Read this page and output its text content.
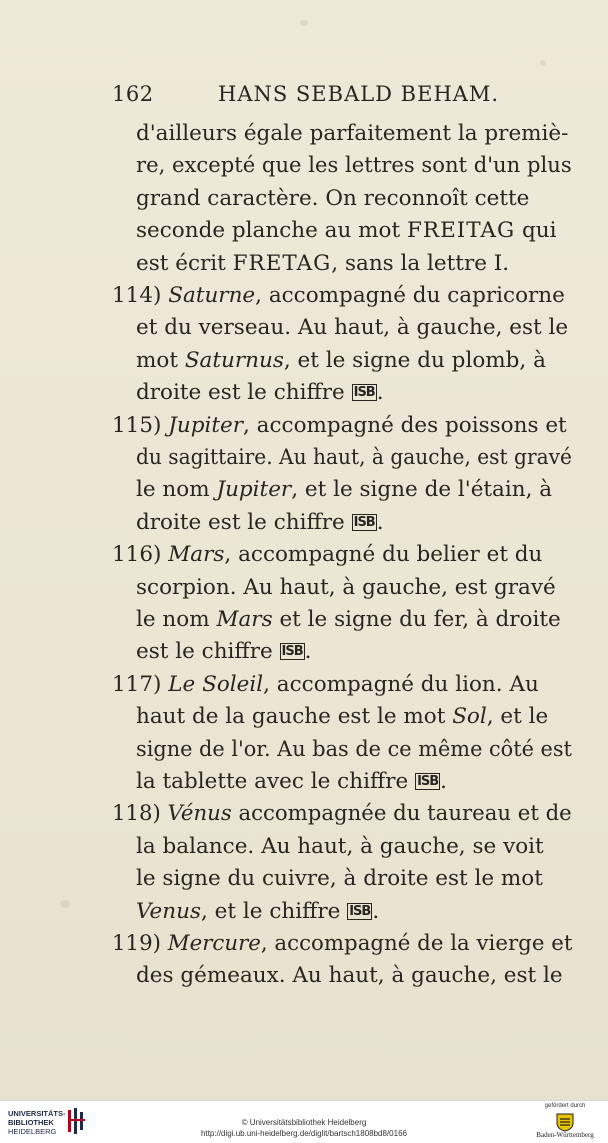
162	HANS SEBALD BEHAM.
d'ailleurs égale parfaitement la premiè-
re, excepté que les lettres sont d'un plus
grand caractère. On reconnoît cette
seconde planche au mot FREITAG qui
est écrit FRETAG, sans la lettre I.
114) Saturne, accompagné du capricorne
et du verseau. Au haut, à gauche, est le
mot Saturnus, et le signe du plomb, à
droite est le chiffre ISB.
115) Jupiter, accompagné des poissons et
du sagittaire. Au haut, à gauche, est gravé
le nom Jupiter, et le signe de l'étain, à
droite est le chiffre ISB.
116) Mars, accompagné du belier et du
scorpion. Au haut, à gauche, est gravé
le nom Mars et le signe du fer, à droite
est le chiffre ISB.
117) Le Soleil, accompagné du lion. Au
haut de la gauche est le mot Sol, et le
signe de l'or. Au bas de ce même côté est
la tablette avec le chiffre ISB.
118) Vénus accompagnée du taureau et de
la balance. Au haut, à gauche, se voit
le signe du cuivre, à droite est le mot
Venus, et le chiffre ISB.
119) Mercure, accompagné de la vierge et
des gémeaux. Au haut, à gauche, est le
UNIVERSITÄTS-
BIBLIOTHEK
HEIDELBERG
© Universitätsbibliothek Heidelberg
http://digi.ub.uni-heidelberg.de/diglit/bartsch1808bd8/0166
gefördert durch
Baden-Württemberg
